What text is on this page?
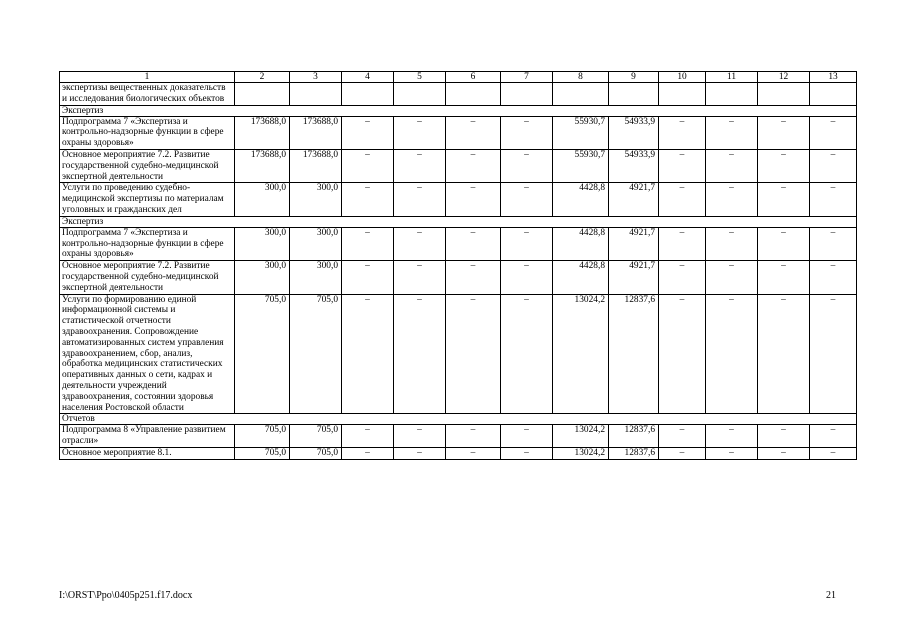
1	2	3	4	5	6	7	8	9	10	11	12	13
экспертизы вещественных доказательств и исследования биологических объектов												
Экспертиз												
Подпрограмма 7 «Экспертиза и контрольно-надзорные функции в сфере охраны здоровья»	173688,0	173688,0	–	–	–	–	55930,7	54933,9	–	–	–	–
Основное мероприятие 7.2. Развитие государственной судебно-медицинской экспертной деятельности	173688,0	173688,0	–	–	–	–	55930,7	54933,9	–	–	–	–
Услуги по проведению судебно-медицинской экспертизы по материалам уголовных и гражданских дел	300,0	300,0	–	–	–	–	4428,8	4921,7	–	–	–	–
Экспертиз												
Подпрограмма 7 «Экспертиза и контрольно-надзорные функции в сфере охраны здоровья»	300,0	300,0	–	–	–	–	4428,8	4921,7	–	–	–	–
Основное мероприятие 7.2. Развитие государственной судебно-медицинской экспертной деятельности	300,0	300,0	–	–	–	–	4428,8	4921,7	–	–	–	–
Услуги по формированию единой информационной системы и статистической отчетности здравоохранения. Сопровождение автоматизированных систем управления здравоохранением, сбор, анализ, обработка медицинских статистических оперативных данных о сети, кадрах и деятельности учреждений здравоохранения, состоянии здоровья населения Ростовской области	705,0	705,0	–	–	–	–	13024,2	12837,6	–	–	–	–
Отчетов												
Подпрограмма 8 «Управление развитием отрасли»	705,0	705,0	–	–	–	–	13024,2	12837,6	–	–	–	–
Основное мероприятие 8.1.	705,0	705,0	–	–	–	–	13024,2	12837,6	–	–	–	–
I:\ORST\Ppo\0405p251.f17.docx	21
